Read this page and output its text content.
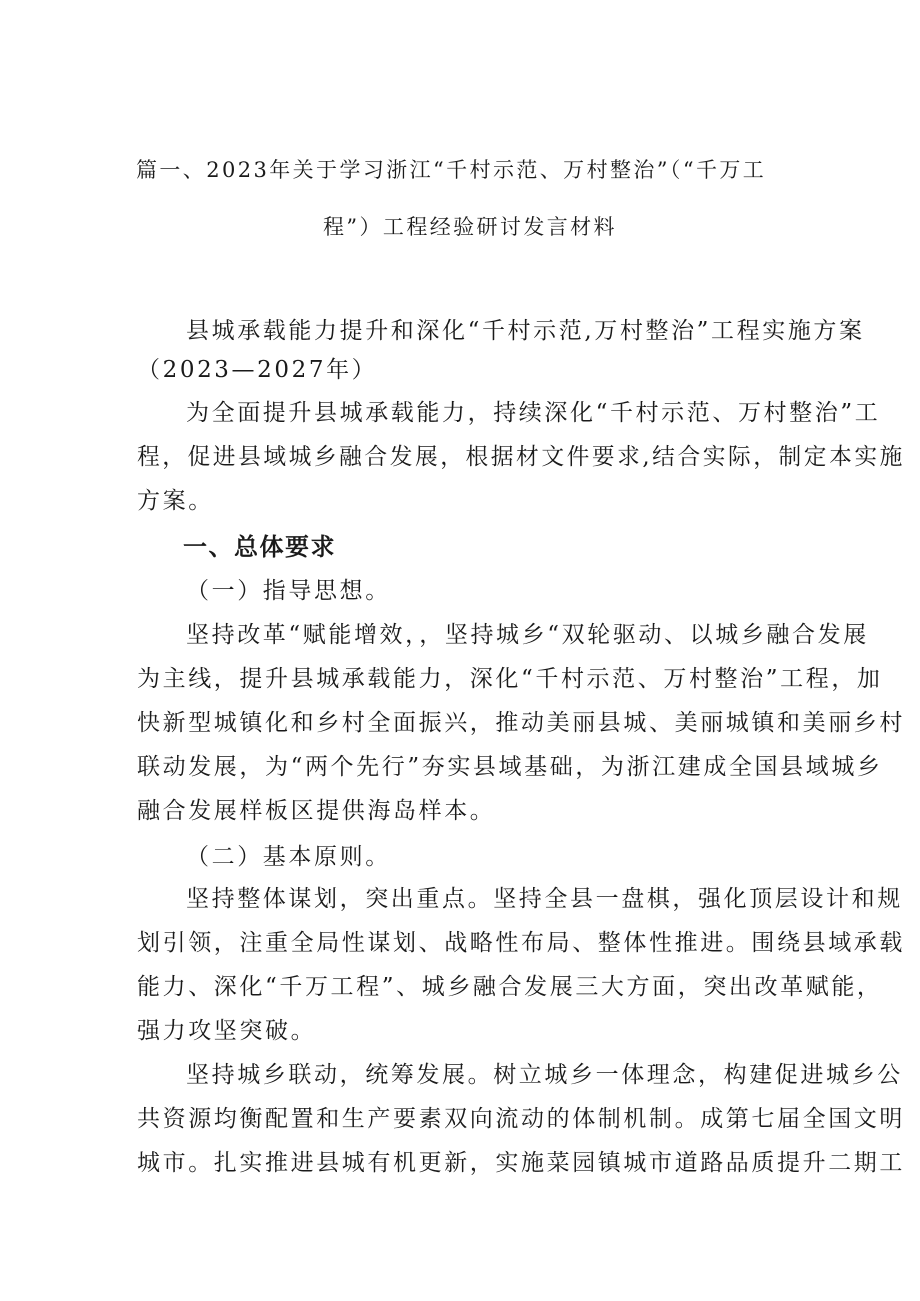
篇一、2023年关于学习浙江“千村示范、万村整治”（“千万工
程”）工程经验研讨发言材料
县城承载能力提升和深化“千村示范,万村整治”工程实施方案
（2023—2027年）
为全面提升县城承载能力，持续深化“千村示范、万村整治”工
程，促进县域城乡融合发展，根据材文件要求,结合实际，制定本实施
方案。
一、总体要求
（一）指导思想。
坚持改革“赋能增效，，坚持城乡“双轮驱动、以城乡融合发展
为主线，提升县城承载能力，深化“千村示范、万村整治”工程，加
快新型城镇化和乡村全面振兴，推动美丽县城、美丽城镇和美丽乡村
联动发展，为“两个先行”夯实县域基础，为浙江建成全国县域城乡
融合发展样板区提供海岛样本。
（二）基本原则。
坚持整体谋划，突出重点。坚持全县一盘棋，强化顶层设计和规
划引领，注重全局性谋划、战略性布局、整体性推进。围绕县域承载
能力、深化“千万工程”、城乡融合发展三大方面，突出改革赋能，
强力攻坚突破。
坚持城乡联动，统筹发展。树立城乡一体理念，构建促进城乡公
共资源均衡配置和生产要素双向流动的体制机制。成第七届全国文明
城市。扎实推进县城有机更新，实施菜园镇城市道路品质提升二期工
